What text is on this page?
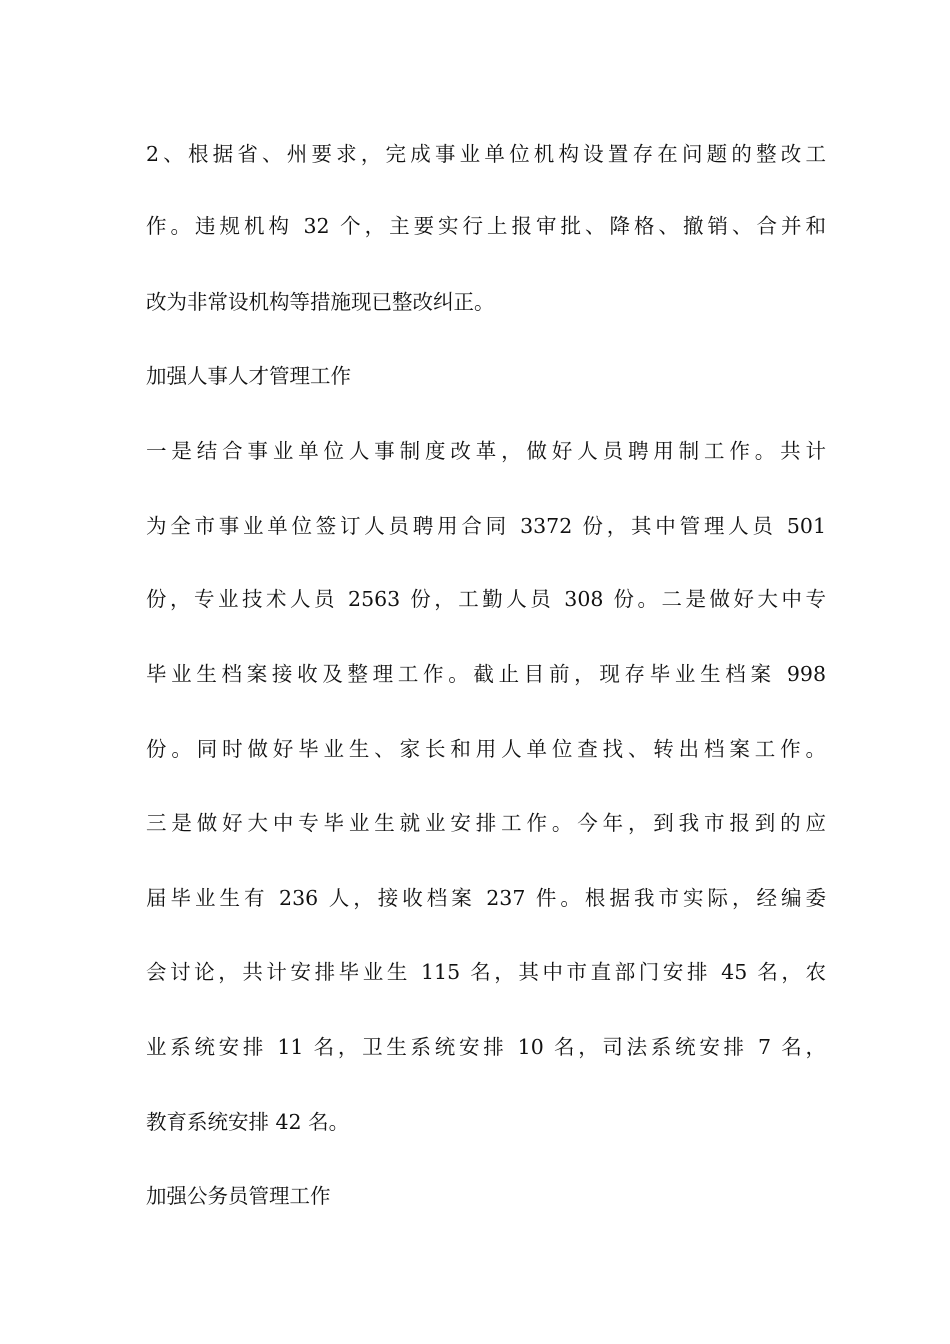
2、根据省、州要求，完成事业单位机构设置存在问题的整改工
作。违规机构 32 个，主要实行上报审批、降格、撤销、合并和
改为非常设机构等措施现已整改纠正。
加强人事人才管理工作
一是结合事业单位人事制度改革，做好人员聘用制工作。共计
为全市事业单位签订人员聘用合同 3372 份，其中管理人员 501
份，专业技术人员 2563 份，工勤人员 308 份。二是做好大中专
毕业生档案接收及整理工作。截止目前，现存毕业生档案 998
份。同时做好毕业生、家长和用人单位查找、转出档案工作。
三是做好大中专毕业生就业安排工作。今年，到我市报到的应
届毕业生有 236 人，接收档案 237 件。根据我市实际，经编委
会讨论，共计安排毕业生 115 名，其中市直部门安排 45 名，农
业系统安排 11 名，卫生系统安排 10 名，司法系统安排 7 名，
教育系统安排 42 名。
加强公务员管理工作
